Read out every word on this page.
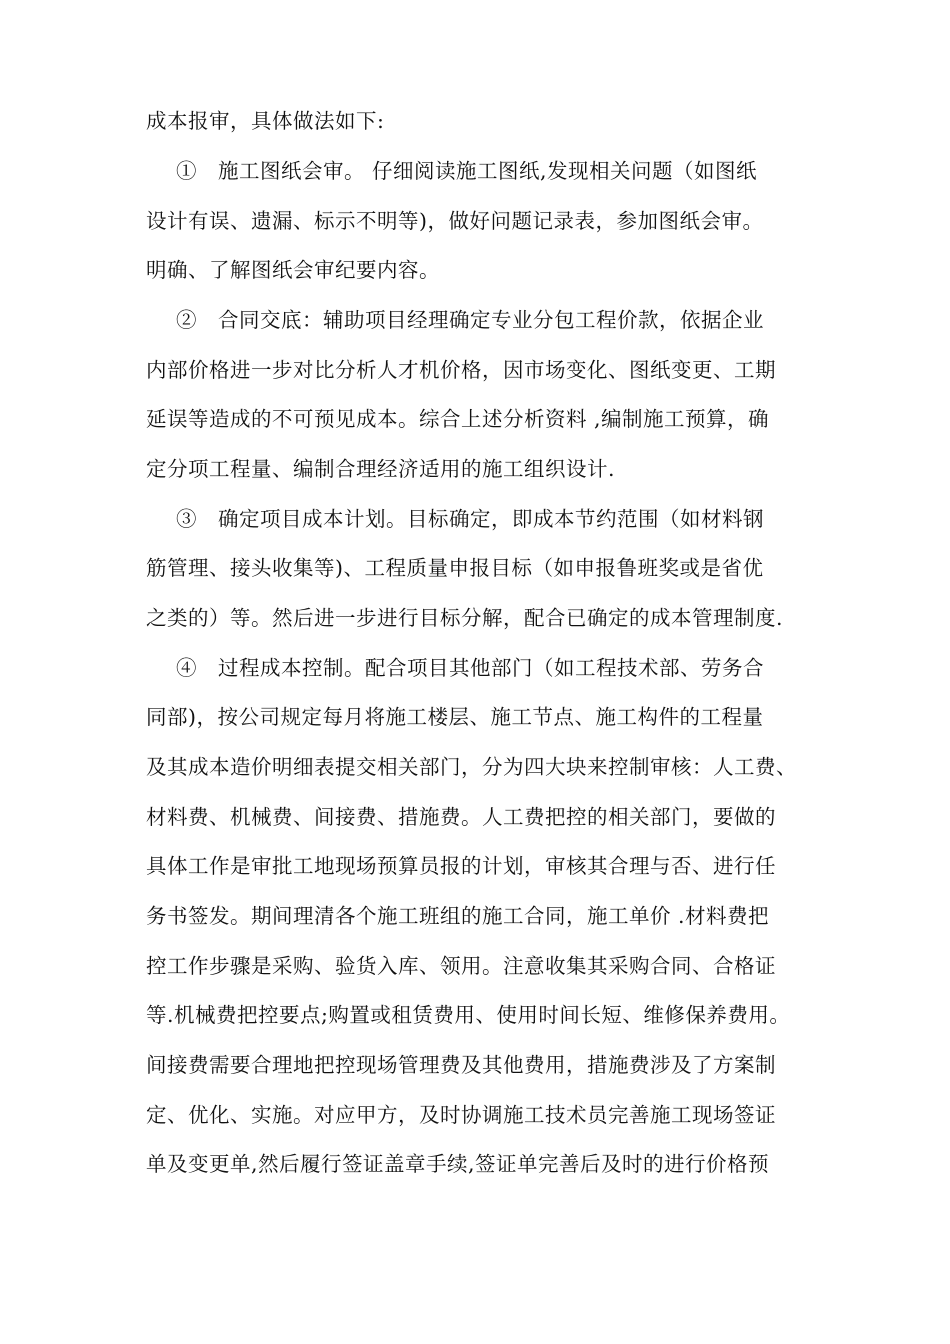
成本报审，具体做法如下:
①　施工图纸会审。 仔细阅读施工图纸,发现相关问题（如图纸
设计有误、遗漏、标示不明等)，做好问题记录表，参加图纸会审。
明确、了解图纸会审纪要内容。
②　合同交底：辅助项目经理确定专业分包工程价款，依据企业
内部价格进一步对比分析人才机价格，因市场变化、图纸变更、工期
延误等造成的不可预见成本。综合上述分析资料 ,编制施工预算，确
定分项工程量、编制合理经济适用的施工组织设计.
③　确定项目成本计划。目标确定，即成本节约范围（如材料钢
筋管理、接头收集等)、工程质量申报目标（如申报鲁班奖或是省优
之类的）等。然后进一步进行目标分解，配合已确定的成本管理制度.
④　过程成本控制。配合项目其他部门（如工程技术部、劳务合
同部)，按公司规定每月将施工楼层、施工节点、施工构件的工程量
及其成本造价明细表提交相关部门，分为四大块来控制审核：人工费、
材料费、机械费、间接费、措施费。人工费把控的相关部门，要做的
具体工作是审批工地现场预算员报的计划，审核其合理与否、进行任
务书签发。期间理清各个施工班组的施工合同，施工单价 .材料费把
控工作步骤是采购、验货入库、领用。注意收集其采购合同、合格证
等.机械费把控要点;购置或租赁费用、使用时间长短、维修保养费用。
间接费需要合理地把控现场管理费及其他费用，措施费涉及了方案制
定、优化、实施。对应甲方，及时协调施工技术员完善施工现场签证
单及变更单,然后履行签证盖章手续,签证单完善后及时的进行价格预
